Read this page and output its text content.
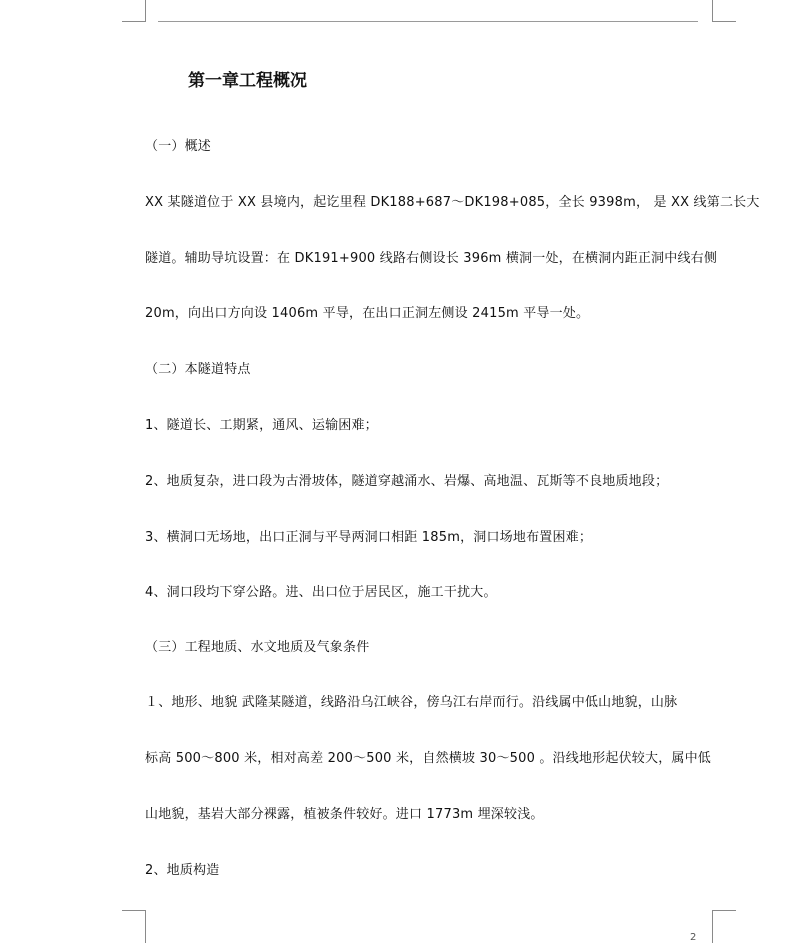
第一章工程概况
（一）概述
XX 某隧道位于 XX 县境内，起讫里程 DK188+687～DK198+085，全长 9398m， 是 XX 线第二长大
隧道。辅助导坑设置：在 DK191+900 线路右侧设长 396m 横洞一处，在横洞内距正洞中线右侧
20m，向出口方向设 1406m 平导，在出口正洞左侧设 2415m 平导一处。
（二）本隧道特点
1、隧道长、工期紧，通风、运输困难；
2、地质复杂，进口段为古滑坡体，隧道穿越涌水、岩爆、高地温、瓦斯等不良地质地段；
3、横洞口无场地，出口正洞与平导两洞口相距 185m，洞口场地布置困难；
4、洞口段均下穿公路。进、出口位于居民区，施工干扰大。
（三）工程地质、水文地质及气象条件
１、地形、地貌 武隆某隧道，线路沿乌江峡谷，傍乌江右岸而行。沿线属中低山地貌，山脉
标高 500～800 米，相对高差 200～500 米，自然横坡 30～500 。沿线地形起伏较大，属中低
山地貌，基岩大部分裸露，植被条件较好。进口 1773m 埋深较浅。
2、地质构造
2
